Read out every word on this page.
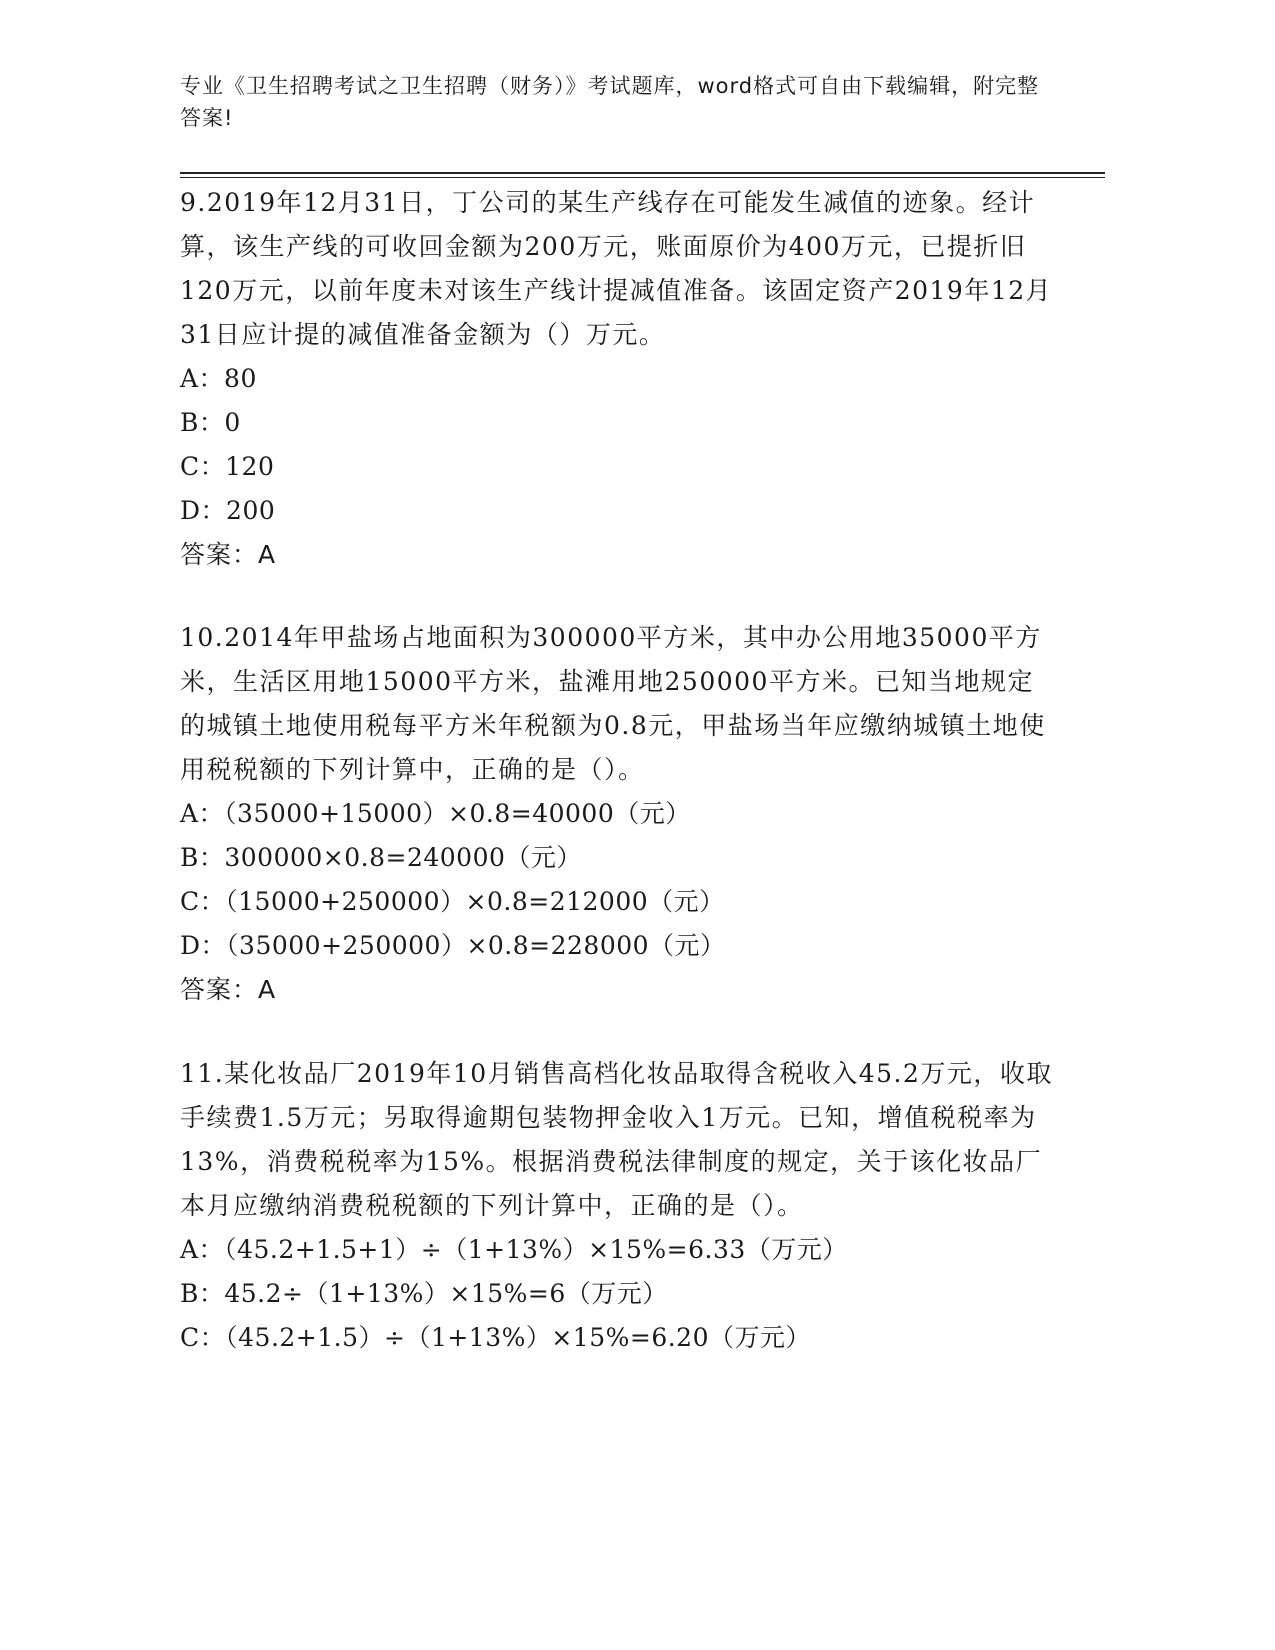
专业《卫生招聘考试之卫生招聘（财务）》考试题库，word格式可自由下载编辑，附完整答案!

9.2019年12月31日，丁公司的某生产线存在可能发生减值的迹象。经计算，该生产线的可收回金额为200万元，账面原价为400万元，已提折旧120万元，以前年度未对该生产线计提减值准备。该固定资产2019年12月31日应计提的减值准备金额为（）万元。

A：80
B：0
C：120
D：200
答案：A

10.2014年甲盐场占地面积为300000平方米，其中办公用地35000平方米，生活区用地15000平方米，盐滩用地250000平方米。已知当地规定的城镇土地使用税每平方米年税额为0.8元，甲盐场当年应缴纳城镇土地使用税税额的下列计算中，正确的是（）。

A：（35000+15000）×0.8=40000（元）
B：300000×0.8=240000（元）
C：（15000+250000）×0.8=212000（元）
D：（35000+250000）×0.8=228000（元）
答案：A

11.某化妆品厂2019年10月销售高档化妆品取得含税收入45.2万元，收取手续费1.5万元；另取得逾期包装物押金收入1万元。已知，增值税税率为13%，消费税税率为15%。根据消费税法律制度的规定，关于该化妆品厂本月应缴纳消费税税额的下列计算中，正确的是（）。

A：（45.2+1.5+1）÷（1+13%）×15%=6.33（万元）
B：45.2÷（1+13%）×15%=6（万元）
C：（45.2+1.5）÷（1+13%）×15%=6.20（万元）
